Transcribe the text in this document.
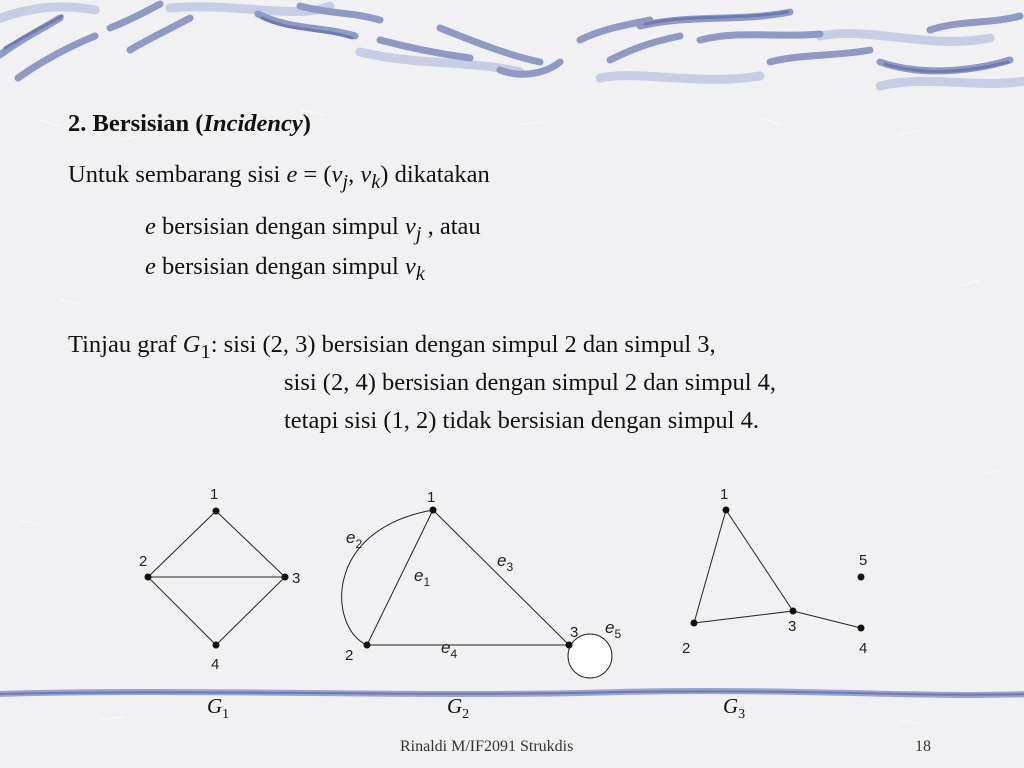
2. Bersisian (Incidency)
Untuk sembarang sisi $e = (v_j$, $v_k$) dikatakan
e bersisian dengan simpul $v_j$ , atau
e bersisian dengan simpul $v_k$
Tinjau graf $G_1$: sisi (2, 3) bersisian dengan simpul 2 dan simpul 3,
sisi (2, 4) bersisian dengan simpul 2 dan simpul 4,
tetapi sisi (1, 2) tidak bersisian dengan simpul 4.
1
2
3
4
1
2
3
1
2
3
4
5
$e_1$
$e_2$
$e_3$
$e_4$
$e_5$
$G_1$	$G_2$	$G_3$
Rinaldi M/IF2091 Strukdis	18
